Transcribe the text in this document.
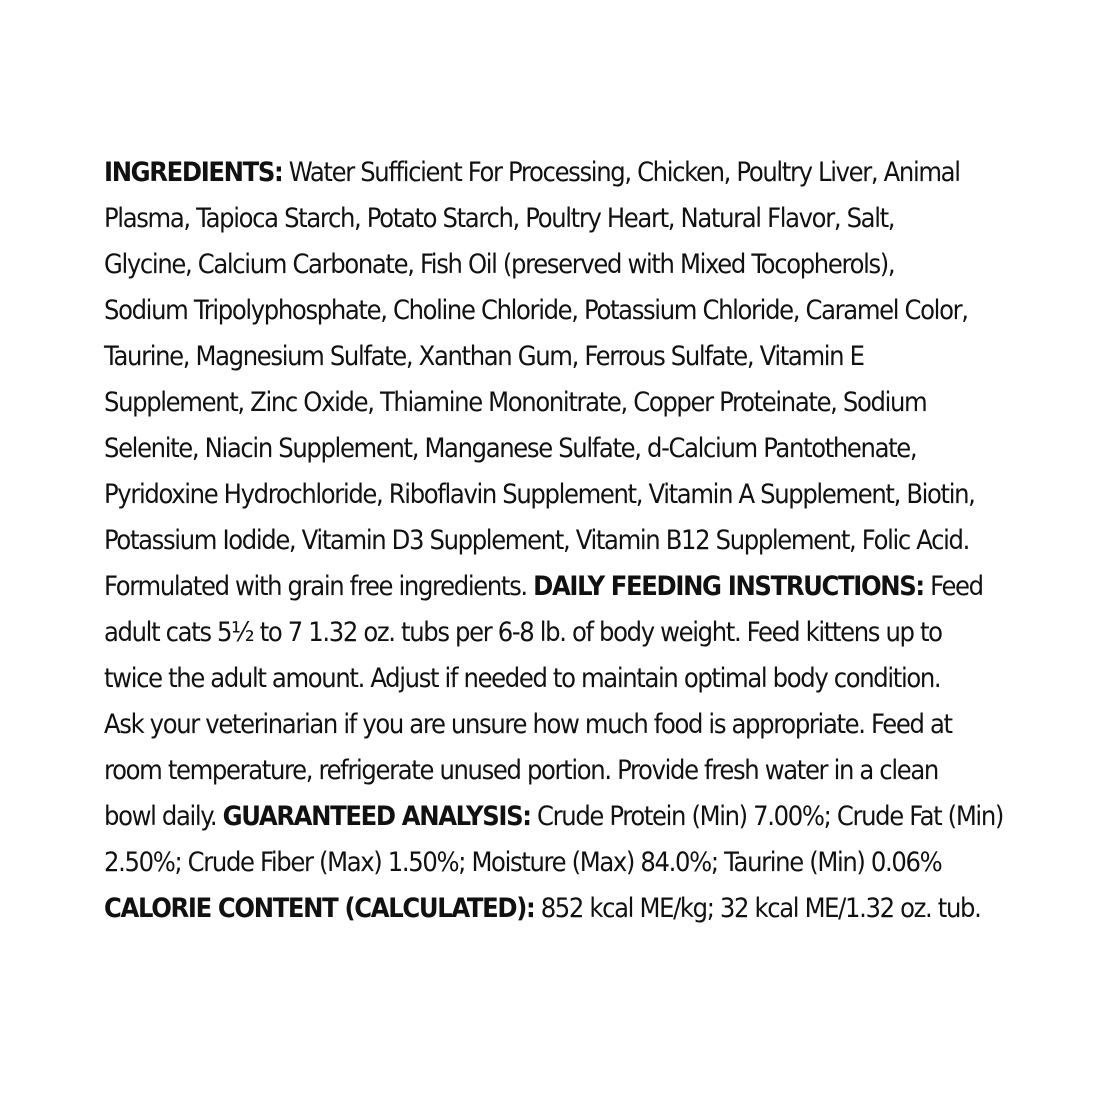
INGREDIENTS: Water Sufficient For Processing, Chicken, Poultry Liver, Animal
Plasma, Tapioca Starch, Potato Starch, Poultry Heart, Natural Flavor, Salt,
Glycine, Calcium Carbonate, Fish Oil (preserved with Mixed Tocopherols),
Sodium Tripolyphosphate, Choline Chloride, Potassium Chloride, Caramel Color,
Taurine, Magnesium Sulfate, Xanthan Gum, Ferrous Sulfate, Vitamin E
Supplement, Zinc Oxide, Thiamine Mononitrate, Copper Proteinate, Sodium
Selenite, Niacin Supplement, Manganese Sulfate, d-Calcium Pantothenate,
Pyridoxine Hydrochloride, Riboflavin Supplement, Vitamin A Supplement, Biotin,
Potassium Iodide, Vitamin D3 Supplement, Vitamin B12 Supplement, Folic Acid.
Formulated with grain free ingredients. DAILY FEEDING INSTRUCTIONS: Feed
adult cats 5½ to 7 1.32 oz. tubs per 6-8 lb. of body weight. Feed kittens up to
twice the adult amount. Adjust if needed to maintain optimal body condition.
Ask your veterinarian if you are unsure how much food is appropriate. Feed at
room temperature, refrigerate unused portion. Provide fresh water in a clean
bowl daily. GUARANTEED ANALYSIS: Crude Protein (Min) 7.00%; Crude Fat (Min)
2.50%; Crude Fiber (Max) 1.50%; Moisture (Max) 84.0%; Taurine (Min) 0.06%
CALORIE CONTENT (CALCULATED): 852 kcal ME/kg; 32 kcal ME/1.32 oz. tub.
